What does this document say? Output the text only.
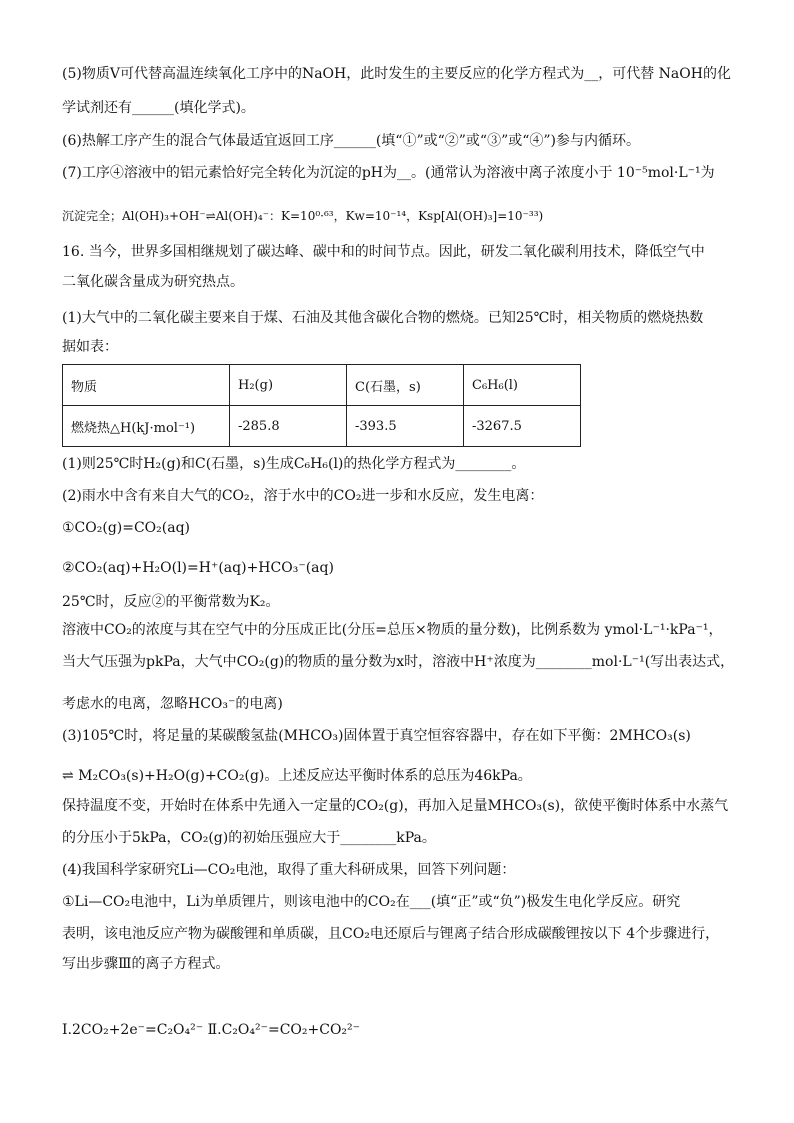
(5)物质V可代替高温连续氧化工序中的NaOH，此时发生的主要反应的化学方程式为__，可代替 NaOH的化
学试剂还有______(填化学式)。
(6)热解工序产生的混合气体最适宜返回工序______(填“①”或“②”或“③”或“④”)参与内循环。
(7)工序④溶液中的铝元素恰好完全转化为沉淀的pH为__。(通常认为溶液中离子浓度小于 10⁻⁵mol·L⁻¹为
沉淀完全；Al(OH)₃+OH⁻⇌Al(OH)₄⁻：K=10⁰·⁶³，Kw=10⁻¹⁴，Ksp[Al(OH)₃]=10⁻³³)
16. 当今，世界多国相继规划了碳达峰、碳中和的时间节点。因此，研发二氧化碳利用技术，降低空气中
二氧化碳含量成为研究热点。
(1)大气中的二氧化碳主要来自于煤、石油及其他含碳化合物的燃烧。已知25℃时，相关物质的燃烧热数
据如表：
物质	H₂(g)	C(石墨，s)	C₆H₆(l)
燃烧热△H(kJ·mol⁻¹)	-285.8	-393.5	-3267.5
(1)则25℃时H₂(g)和C(石墨，s)生成C₆H₆(l)的热化学方程式为________。
(2)雨水中含有来自大气的CO₂，溶于水中的CO₂进一步和水反应，发生电离：
①CO₂(g)=CO₂(aq)
②CO₂(aq)+H₂O(l)=H⁺(aq)+HCO₃⁻(aq)
25℃时，反应②的平衡常数为K₂。
溶液中CO₂的浓度与其在空气中的分压成正比(分压=总压×物质的量分数)，比例系数为 ymol·L⁻¹·kPa⁻¹，
当大气压强为pkPa，大气中CO₂(g)的物质的量分数为x时，溶液中H⁺浓度为________mol·L⁻¹(写出表达式，
考虑水的电离，忽略HCO₃⁻的电离)
(3)105℃时，将足量的某碳酸氢盐(MHCO₃)固体置于真空恒容容器中，存在如下平衡：2MHCO₃(s)
⇌ M₂CO₃(s)+H₂O(g)+CO₂(g)。上述反应达平衡时体系的总压为46kPa。
保持温度不变，开始时在体系中先通入一定量的CO₂(g)，再加入足量MHCO₃(s)，欲使平衡时体系中水蒸气
的分压小于5kPa，CO₂(g)的初始压强应大于________kPa。
(4)我国科学家研究Li—CO₂电池，取得了重大科研成果，回答下列问题：
①Li—CO₂电池中，Li为单质锂片，则该电池中的CO₂在___(填“正”或“负”)极发生电化学反应。研究
表明，该电池反应产物为碳酸锂和单质碳，且CO₂电还原后与锂离子结合形成碳酸锂按以下 4个步骤进行，
写出步骤Ⅲ的离子方程式。
Ⅰ.2CO₂+2e⁻=C₂O₄²⁻ Ⅱ.C₂O₄²⁻=CO₂+CO₂²⁻
